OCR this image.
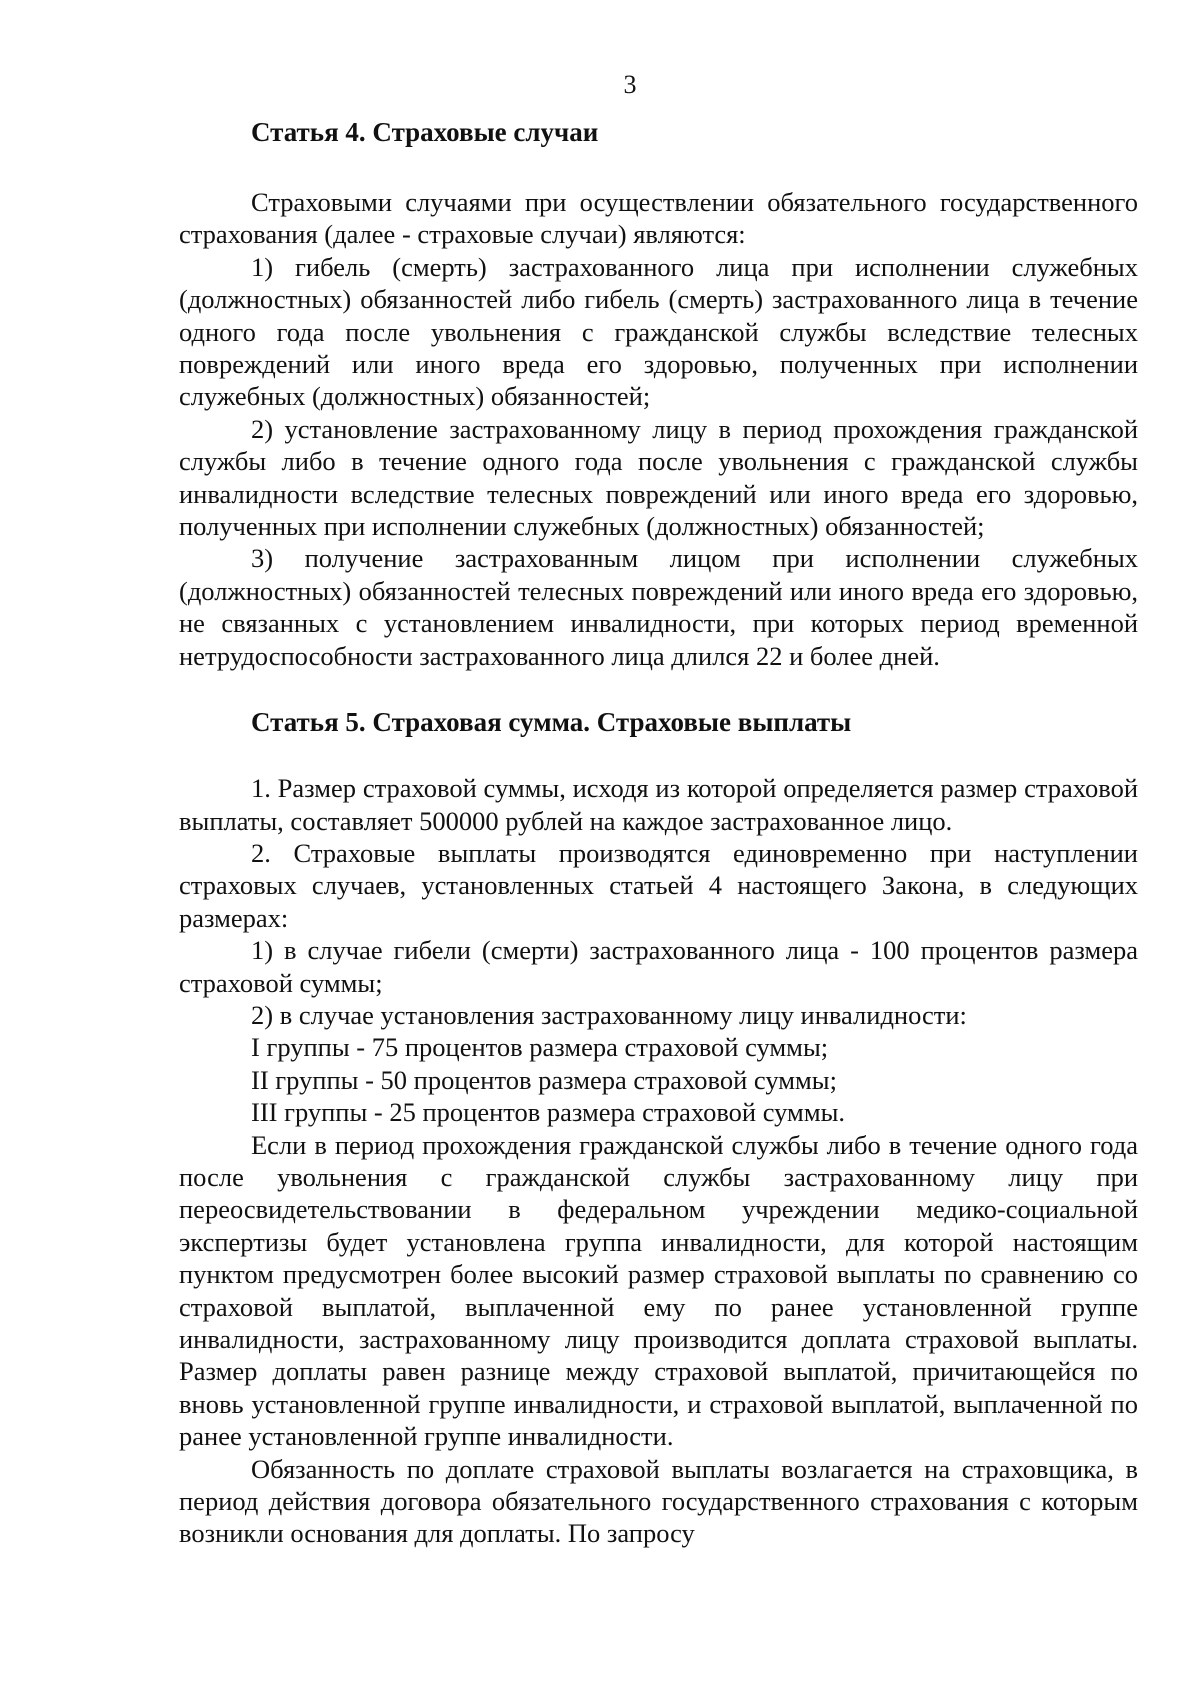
3
Статья 4. Страховые случаи

Страховыми случаями при осуществлении обязательного государственного страхования (далее - страховые случаи) являются:

1) гибель (смерть) застрахованного лица при исполнении служебных (должностных) обязанностей либо гибель (смерть) застрахованного лица в течение одного года после увольнения с гражданской службы вследствие телесных повреждений или иного вреда его здоровью, полученных при исполнении служебных (должностных) обязанностей;

2) установление застрахованному лицу в период прохождения гражданской службы либо в течение одного года после увольнения с гражданской службы инвалидности вследствие телесных повреждений или иного вреда его здоровью, полученных при исполнении служебных (должностных) обязанностей;

3) получение застрахованным лицом при исполнении служебных (должностных) обязанностей телесных повреждений или иного вреда его здоровью, не связанных с установлением инвалидности, при которых период временной нетрудоспособности застрахованного лица длился 22 и более дней.

Статья 5. Страховая сумма. Страховые выплаты

1. Размер страховой суммы, исходя из которой определяется размер страховой выплаты, составляет 500000 рублей на каждое застрахованное лицо.

2. Страховые выплаты производятся единовременно при наступлении страховых случаев, установленных статьей 4 настоящего Закона, в следующих размерах:

1) в случае гибели (смерти) застрахованного лица - 100 процентов размера страховой суммы;

2) в случае установления застрахованному лицу инвалидности:

I группы - 75 процентов размера страховой суммы;

II группы - 50 процентов размера страховой суммы;

III группы - 25 процентов размера страховой суммы.

Если в период прохождения гражданской службы либо в течение одного года после увольнения с гражданской службы застрахованному лицу при переосвидетельствовании в федеральном учреждении медико-социальной экспертизы будет установлена группа инвалидности, для которой настоящим пунктом предусмотрен более высокий размер страховой выплаты по сравнению со страховой выплатой, выплаченной ему по ранее установленной группе инвалидности, застрахованному лицу производится доплата страховой выплаты. Размер доплаты равен разнице между страховой выплатой, причитающейся по вновь установленной группе инвалидности, и страховой выплатой, выплаченной по ранее установленной группе инвалидности.

Обязанность по доплате страховой выплаты возлагается на страховщика, в период действия договора обязательного государственного страхования с которым возникли основания для доплаты. По запросу
